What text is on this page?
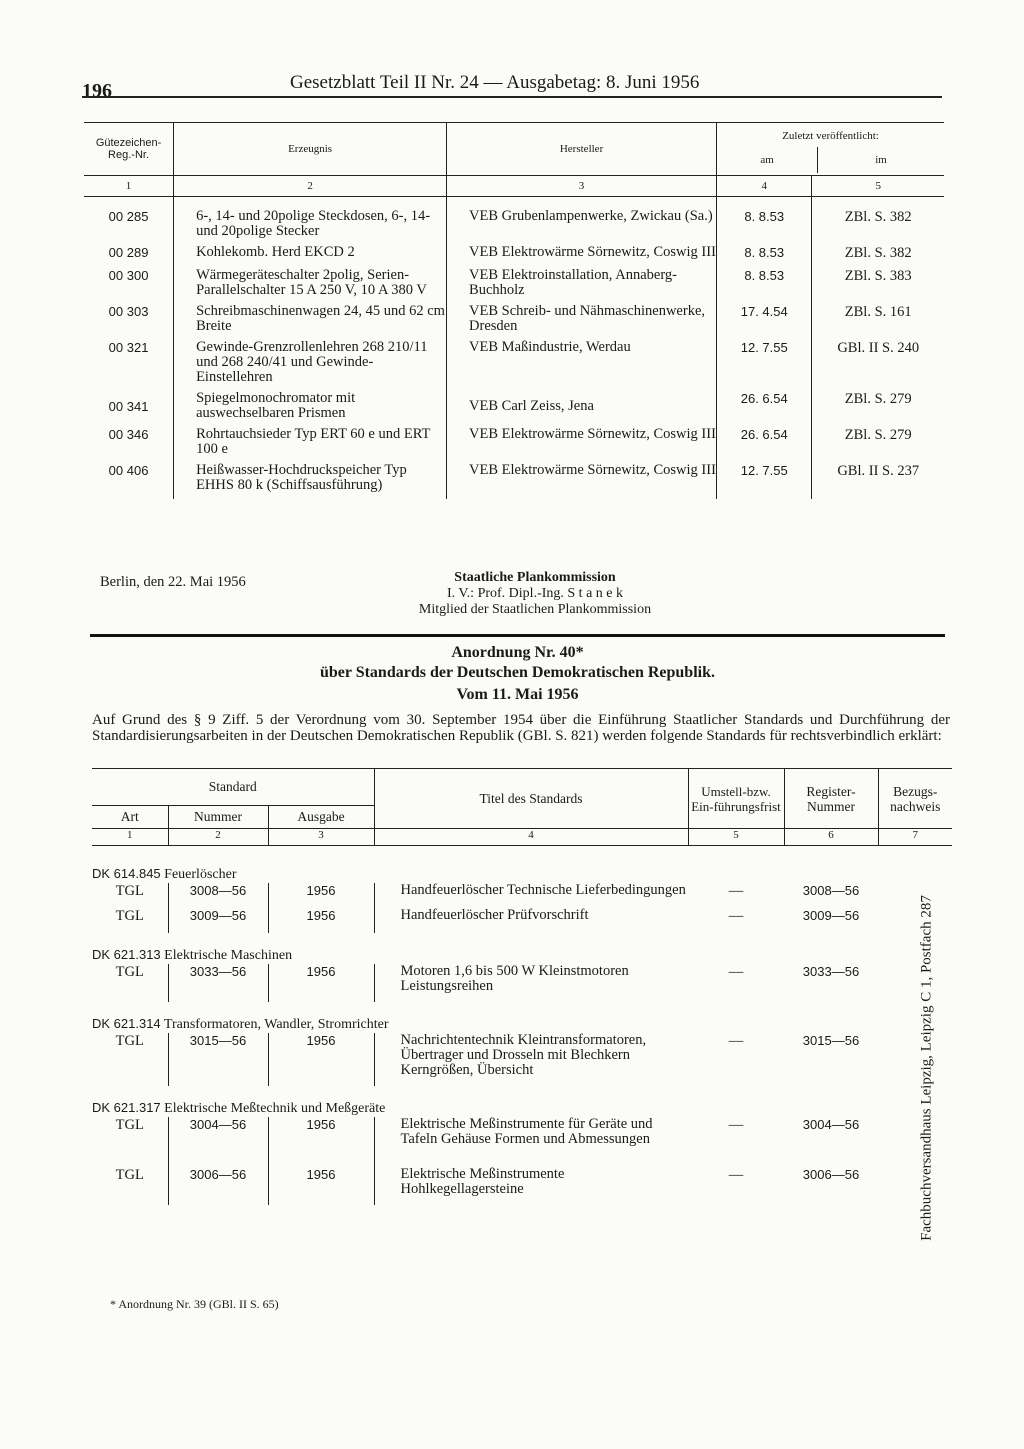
196	Gesetzblatt Teil II Nr. 24 — Ausgabetag: 8. Juni 1956
Gütezeichen-Reg.-Nr.	Erzeugnis	Hersteller	Zuletzt veröffentlicht:
am im	

1	2	3	4	5

00 285	6-, 14- und 20polige Steckdosen, 6-, 14- und 20polige Stecker	VEB Grubenlampenwerke, Zwickau (Sa.)	8. 8.53	ZBl. S. 382
00 289	Kohlekomb. Herd EKCD 2	VEB Elektrowärme Sörnewitz, Coswig III	8. 8.53	ZBl. S. 382
00 300	Wärmegeräteschalter 2polig, Serien-Parallelschalter 15 A 250 V, 10 A 380 V	VEB Elektroinstallation, Annaberg-Buchholz	8. 8.53	ZBl. S. 383
00 303	Schreibmaschinenwagen 24, 45 und 62 cm Breite	VEB Schreib- und Nähmaschinenwerke, Dresden	17. 4.54	ZBl. S. 161
00 321	Gewinde-Grenzrollenlehren 268 210/11 und 268 240/41 und Gewinde-Einstellehren	VEB Maßindustrie, Werdau	12. 7.55	GBl. II S. 240
00 341	Spiegelmonochromator mit auswechselbaren Prismen	VEB Carl Zeiss, Jena	26. 6.54	ZBl. S. 279
00 346	Rohrtauchsieder Typ ERT 60 e und ERT 100 e	VEB Elektrowärme Sörnewitz, Coswig III	26. 6.54	ZBl. S. 279
00 406	Heißwasser-Hochdruckspeicher Typ EHHS 80 k (Schiffsausführung)	VEB Elektrowärme Sörnewitz, Coswig III	12. 7.55	GBl. II S. 237
Berlin, den 22. Mai 1956	Staatliche Plankommission
I. V.: Prof. Dipl.-Ing. S t a n e k
Mitglied der Staatlichen Plankommission
Anordnung Nr. 40*
über Standards der Deutschen Demokratischen Republik.
Vom 11. Mai 1956
Auf Grund des § 9 Ziff. 5 der Verordnung vom 30. September 1954 über die Einführung Staatlicher Standards und Durchführung der Standardisierungsarbeiten in der Deutschen Demokratischen Republik (GBl. S. 821) werden folgende Standards für rechtsverbindlich erklärt:
Standard			Titel des Standards	Umstell-bzw. Ein-führungsfrist	Register-Nummer	Bezugs-nachweis
Art	Nummer	Ausgabe				
1	2	3	4	5	6	7
DK 614.845 Feuerlöscher						
TGL	3008—56	1956	Handfeuerlöscher Technische Lieferbedingungen	—	3008—56	
TGL	3009—56	1956	Handfeuerlöscher Prüfvorschrift	—	3009—56	
DK 621.313 Elektrische Maschinen						
TGL	3033—56	1956	Motoren 1,6 bis 500 W Kleinstmotoren Leistungsreihen	—	3033—56	
DK 621.314 Transformatoren, Wandler, Stromrichter						
TGL	3015—56	1956	Nachrichtentechnik Kleintransformatoren, Übertrager und Drosseln mit Blechkern Kerngrößen, Übersicht	—	3015—56	
DK 621.317 Elektrische Meßtechnik und Meßgeräte						
TGL	3004—56	1956	Elektrische Meßinstrumente für Geräte und Tafeln Gehäuse Formen und Abmessungen	—	3004—56	
TGL	3006—56	1956	Elektrische Meßinstrumente Hohlkegellagersteine	—	3006—56		Fachbuchversandhaus Leipzig, Leipzig C 1, Postfach 287
* Anordnung Nr. 39 (GBl. II S. 65)
